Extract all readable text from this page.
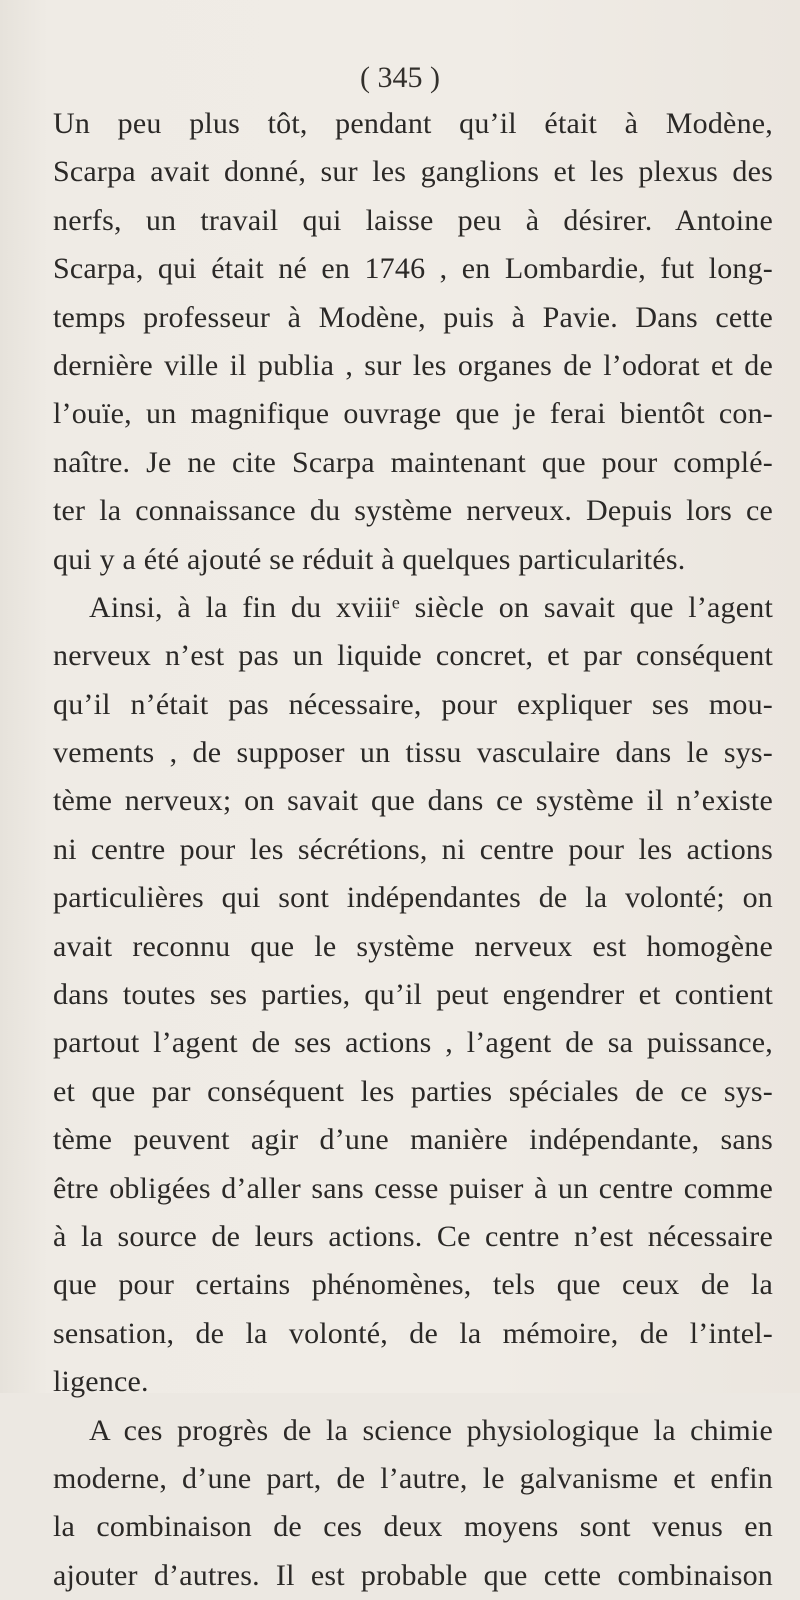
( 345 )
Un peu plus tôt, pendant qu’il était à Modène,
Scarpa avait donné, sur les ganglions et les plexus des
nerfs, un travail qui laisse peu à désirer. Antoine
Scarpa, qui était né en 1746 , en Lombardie, fut long-
temps professeur à Modène, puis à Pavie. Dans cette
dernière ville il publia , sur les organes de l’odorat et de
l’ouïe, un magnifique ouvrage que je ferai bientôt con-
naître. Je ne cite Scarpa maintenant que pour complé-
ter la connaissance du système nerveux. Depuis lors ce
qui y a été ajouté se réduit à quelques particularités.
Ainsi, à la fin du xviiiᵉ siècle on savait que l’agent
nerveux n’est pas un liquide concret, et par conséquent
qu’il n’était pas nécessaire, pour expliquer ses mou-
vements , de supposer un tissu vasculaire dans le sys-
tème nerveux; on savait que dans ce système il n’existe
ni centre pour les sécrétions, ni centre pour les actions
particulières qui sont indépendantes de la volonté; on
avait reconnu que le système nerveux est homogène
dans toutes ses parties, qu’il peut engendrer et contient
partout l’agent de ses actions , l’agent de sa puissance,
et que par conséquent les parties spéciales de ce sys-
tème peuvent agir d’une manière indépendante, sans
être obligées d’aller sans cesse puiser à un centre comme
à la source de leurs actions. Ce centre n’est nécessaire
que pour certains phénomènes, tels que ceux de la
sensation, de la volonté, de la mémoire, de l’intel-
ligence.
A ces progrès de la science physiologique la chimie
moderne, d’une part, de l’autre, le galvanisme et enfin
la combinaison de ces deux moyens sont venus en
ajouter d’autres. Il est probable que cette combinaison
